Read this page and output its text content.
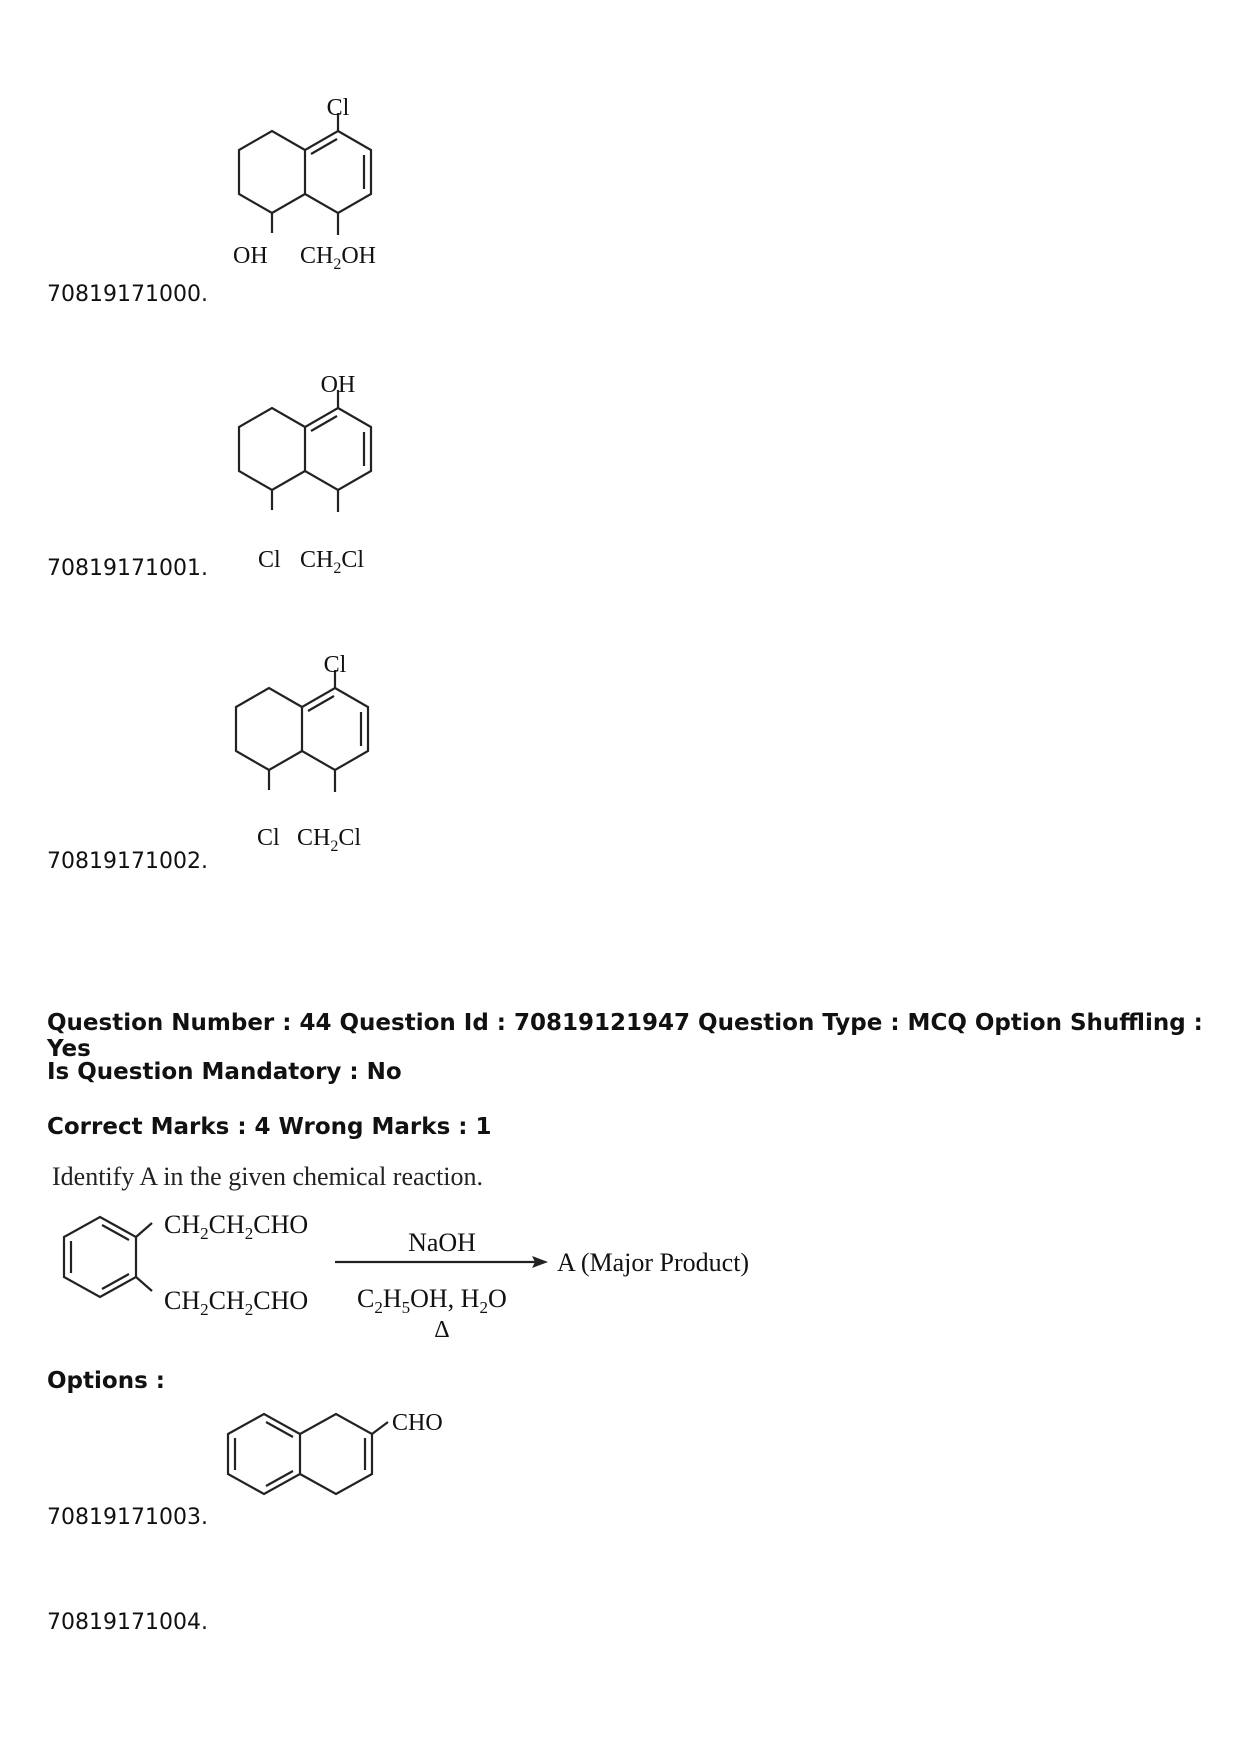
70819171000.
Cl
OH $CH_2OH$
70819171001.
OH
Cl $CH_2Cl$
70819171002.
Cl
Cl $CH_2Cl$
Question Number : 44 Question Id : 70819121947 Question Type : MCQ Option Shuffling : Yes
Is Question Mandatory : No
Correct Marks : 4 Wrong Marks : 1
Identify A in the given chemical reaction.
$CH_2CH_2CHO$
$CH_2CH_2CHO$
NaOH
$C_2H_5OH$, $H_2O$
Δ
A (Major Product)
Options :
70819171003.
CHO
70819171004.
